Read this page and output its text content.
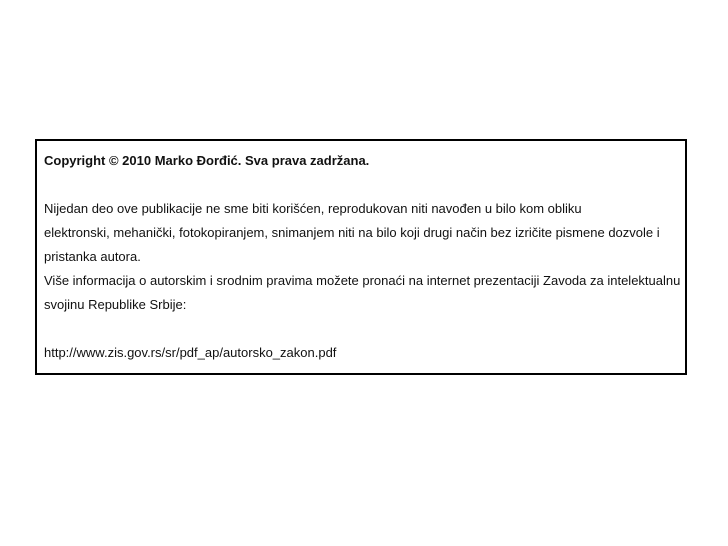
Copyright © 2010 Marko Đorđić. Sva prava zadržana.
Nijedan deo ove publikacije ne sme biti korišćen, reprodukovan niti navođen u bilo kom obliku
elektronski, mehanički, fotokopiranjem, snimanjem niti na bilo koji drugi način bez izričite pismene dozvole i
pristanka autora.
Više informacija o autorskim i srodnim pravima možete pronaći na internet prezentaciji Zavoda za intelektualnu
svojinu Republike Srbije:
http://www.zis.gov.rs/sr/pdf_ap/autorsko_zakon.pdf
